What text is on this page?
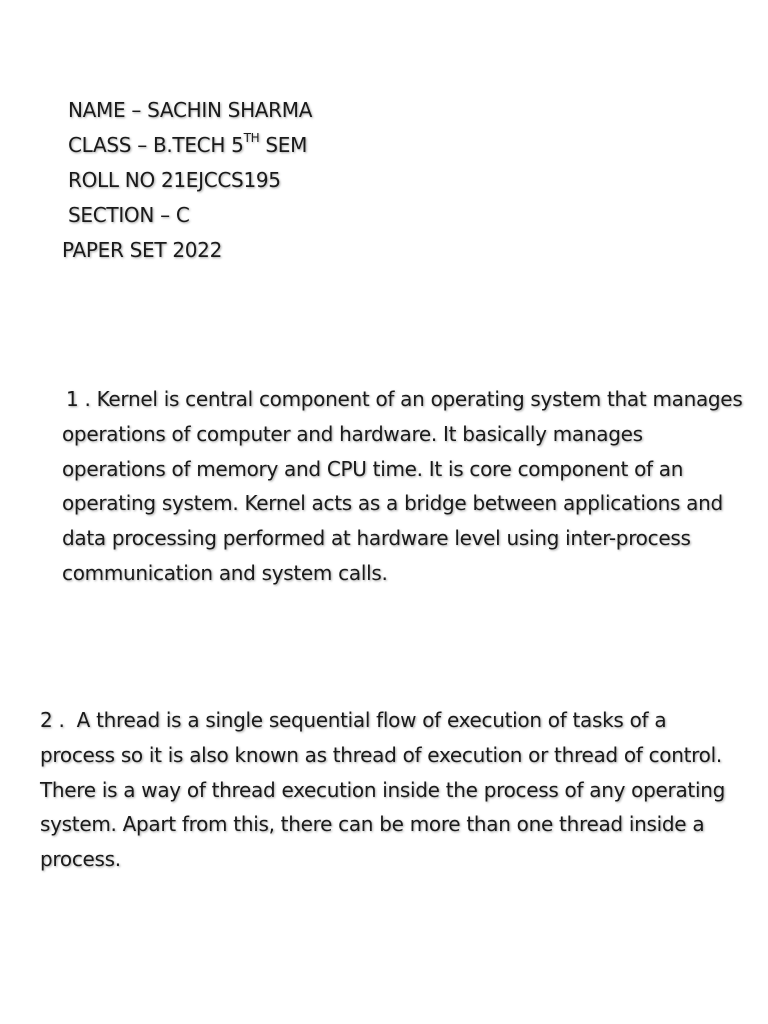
NAME – SACHIN SHARMA
CLASS – B.TECH 5TH SEM
ROLL NO 21EJCCS195
SECTION – C
PAPER SET 2022

1 . Kernel is central component of an operating system that manages

operations of computer and hardware. It basically manages

operations of memory and CPU time. It is core component of an

operating system. Kernel acts as a bridge between applications and

data processing performed at hardware level using inter-process

communication and system calls.

2 . A thread is a single sequential flow of execution of tasks of a

process so it is also known as thread of execution or thread of control.

There is a way of thread execution inside the process of any operating

system. Apart from this, there can be more than one thread inside a

process.
